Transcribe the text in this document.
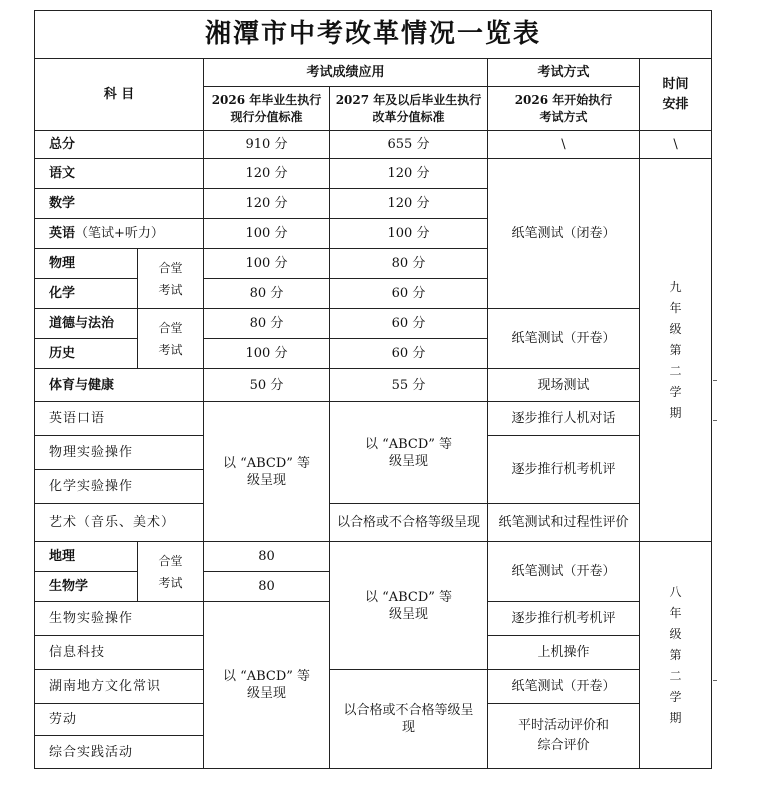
湘潭市中考改革情况一览表					
科 目		考试成绩应用		考试方式	时间安排
		2026 年毕业生执行现行分值标准	2027 年及以后毕业生执行改革分值标准	2026 年开始执行考试方式	
总分		910 分	655 分	\	\
语文		120 分	120 分	纸笔测试（闭卷）	九年级第二学期
数学		120 分	120 分		
英语（笔试+听力）		100 分	100 分		
物理	合堂考试	100 分	80 分		
化学		80 分	60 分		
道德与法治	合堂考试	80 分	60 分	纸笔测试（开卷）	
历史		100 分	60 分		
体育与健康		50 分	55 分	现场测试	
英语口语		以 “ABCD” 等级呈现	以 “ABCD” 等级呈现	逐步推行人机对话	
物理实验操作				逐步推行机考机评	
化学实验操作					
艺术（音乐、美术）			以合格或不合格等级呈现	纸笔测试和过程性评价	
地理	合堂考试	80	以 “ABCD” 等级呈现	纸笔测试（开卷）	八年级第二学期
生物学		80			
生物实验操作		以 “ABCD” 等级呈现		逐步推行机考机评	
信息科技				上机操作	
湖南地方文化常识			以合格或不合格等级呈现	纸笔测试（开卷）	
劳动				平时活动评价和综合评价	
综合实践活动					
